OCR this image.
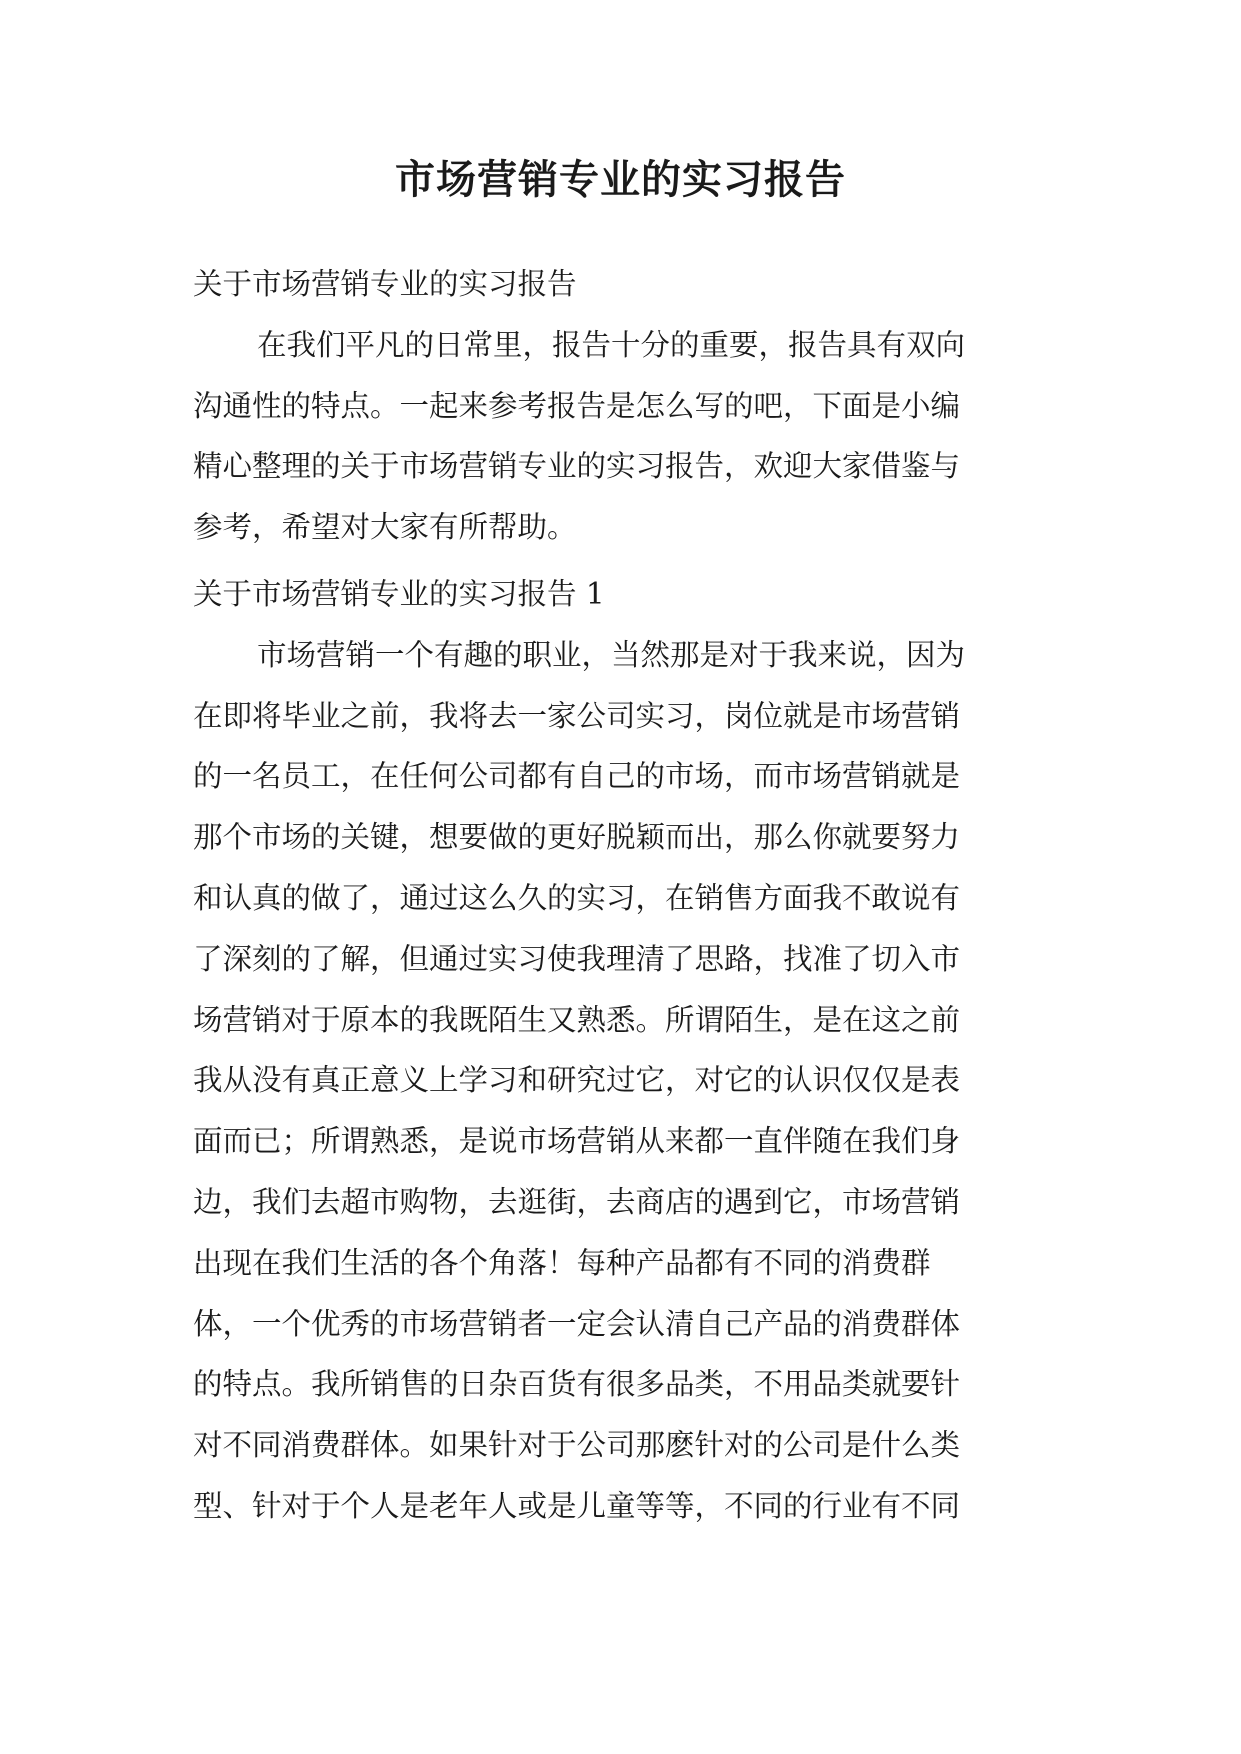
市场营销专业的实习报告

关于市场营销专业的实习报告

在我们平凡的日常里，报告十分的重要，报告具有双向

沟通性的特点。一起来参考报告是怎么写的吧，下面是小编

精心整理的关于市场营销专业的实习报告，欢迎大家借鉴与

参考，希望对大家有所帮助。

关于市场营销专业的实习报告 1

市场营销一个有趣的职业，当然那是对于我来说，因为

在即将毕业之前，我将去一家公司实习，岗位就是市场营销

的一名员工，在任何公司都有自己的市场，而市场营销就是

那个市场的关键，想要做的更好脱颖而出，那么你就要努力

和认真的做了，通过这么久的实习，在销售方面我不敢说有

了深刻的了解，但通过实习使我理清了思路，找准了切入市

场营销对于原本的我既陌生又熟悉。所谓陌生，是在这之前

我从没有真正意义上学习和研究过它，对它的认识仅仅是表

面而已；所谓熟悉，是说市场营销从来都一直伴随在我们身

边，我们去超市购物，去逛街，去商店的遇到它，市场营销

出现在我们生活的各个角落！每种产品都有不同的消费群

体，一个优秀的市场营销者一定会认清自己产品的消费群体

的特点。我所销售的日杂百货有很多品类，不用品类就要针

对不同消费群体。如果针对于公司那麽针对的公司是什么类

型、针对于个人是老年人或是儿童等等，不同的行业有不同
